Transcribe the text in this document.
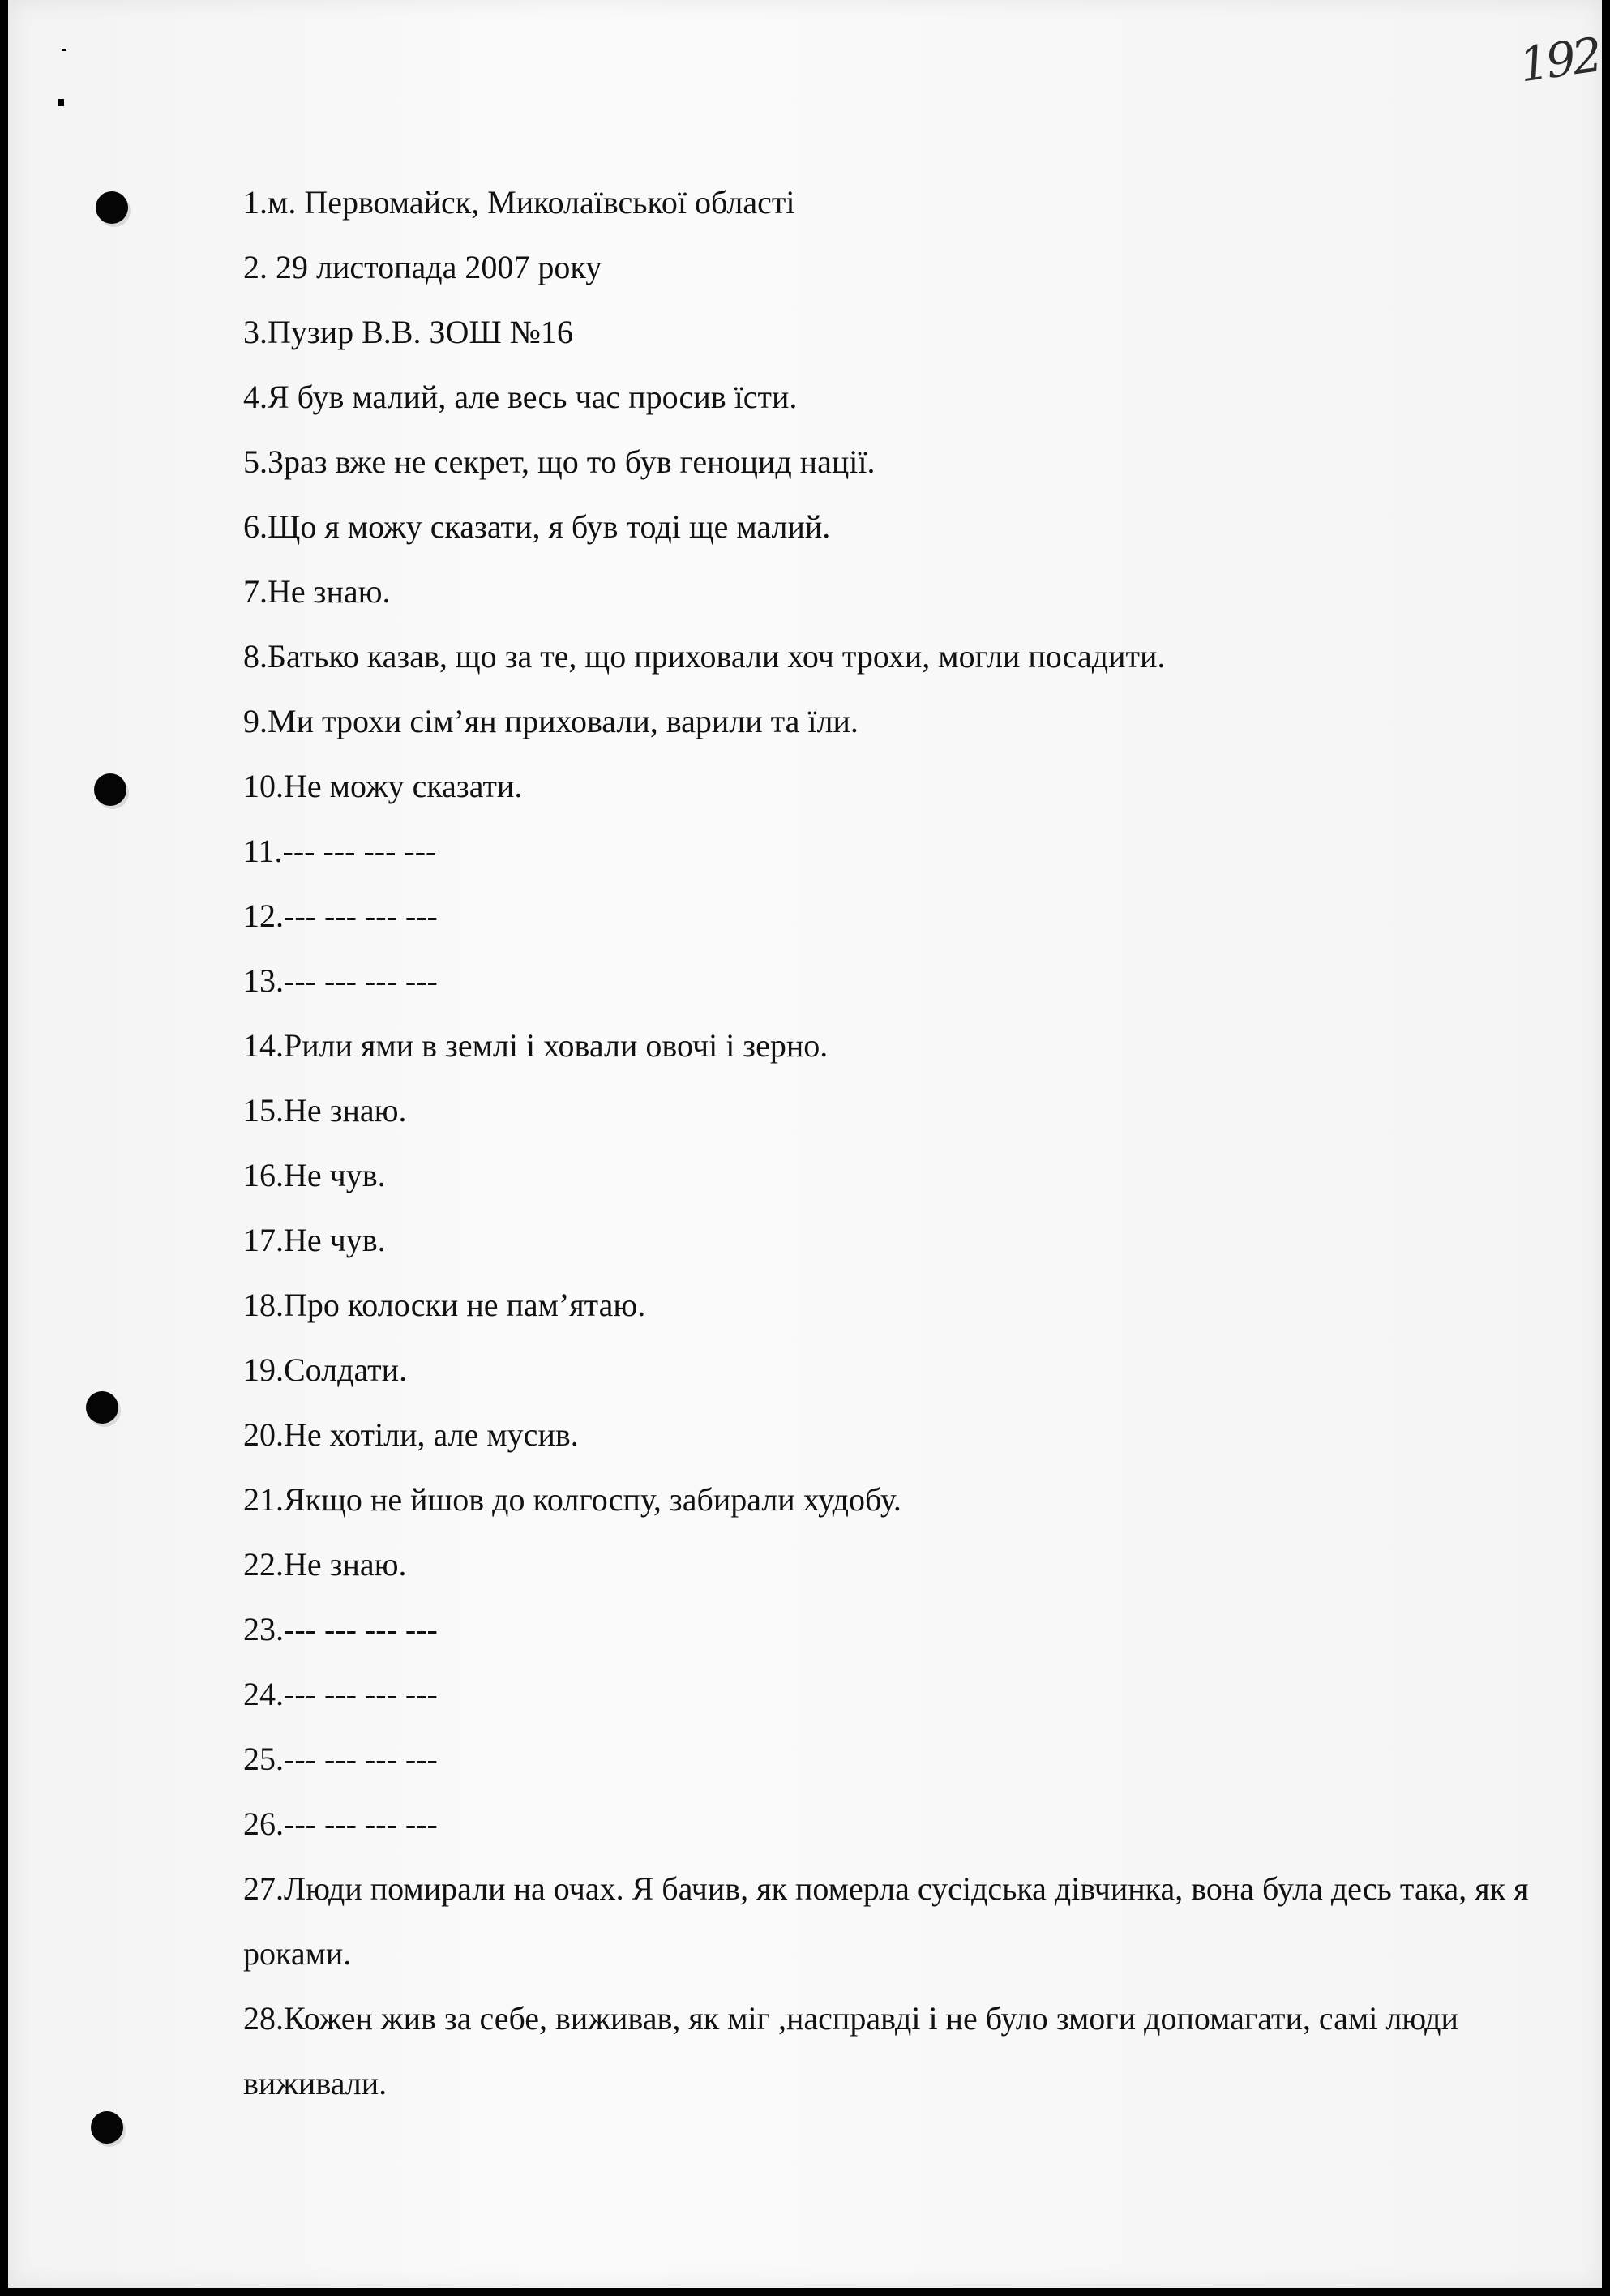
192
1.м. Первомайск, Миколаївської області
2. 29 листопада 2007 року
3.Пузир В.В. ЗОШ №16
4.Я був малий, але весь час просив їсти.
5.Зраз вже не секрет, що то був геноцид нації.
6.Що я можу сказати, я був тоді ще малий.
7.Не знаю.
8.Батько казав, що за те, що приховали хоч трохи, могли посадити.
9.Ми трохи сім’ян приховали, варили та їли.
10.Не можу сказати.
11.--- --- --- ---
12.--- --- --- ---
13.--- --- --- ---
14.Рили ями в землі і ховали овочі і зерно.
15.Не знаю.
16.Не чув.
17.Не чув.
18.Про колоски не пам’ятаю.
19.Солдати.
20.Не хотіли, але мусив.
21.Якщо не йшов до колгоспу, забирали худобу.
22.Не знаю.
23.--- --- --- ---
24.--- --- --- ---
25.--- --- --- ---
26.--- --- --- ---
27.Люди помирали на очах. Я бачив, як померла сусідська дівчинка, вона була десь така, як я роками.
28.Кожен жив за себе, виживав, як міг ,насправді і не було змоги допомагати, самі люди виживали.
